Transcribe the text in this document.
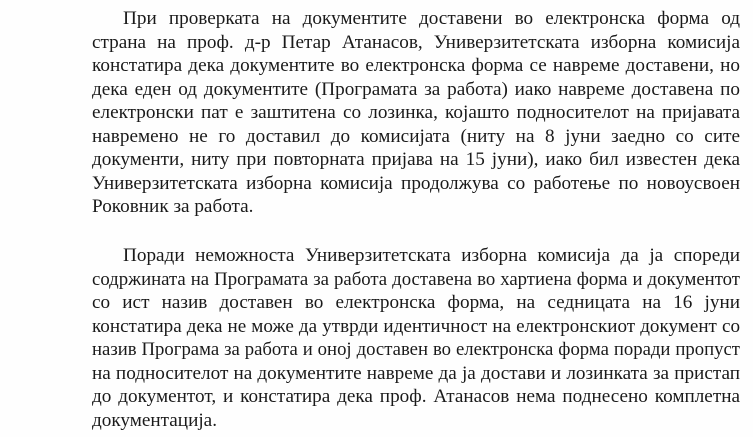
При проверката на документите доставени во електронска форма од
страна на проф. д-р Петар Атанасов, Универзитетската изборна комисија
констатира дека документите во електронска форма се навреме доставени, но
дека еден од документите (Програмата за работа) иако навреме доставена по
електронски пат е заштитена со лозинка, којашто подносителот на пријавата
навремено не го доставил до комисијата (ниту на 8 јуни заедно со сите
документи, ниту при повторната пријава на 15 јуни), иако бил известен дека
Универзитетската изборна комисија продолжува со работење по новоусвоен
Роковник за работа.

Поради неможноста Универзитетската изборна комисија да ја спореди
содржината на Програмата за работа доставена во хартиена форма и документот
со ист назив доставен во електронска форма, на седницата на 16 јуни
констатира дека не може да утврди идентичност на електронскиот документ со
назив Програма за работа и оној доставен во електронска форма поради пропуст
на подносителот на документите навреме да ја достави и лозинката за пристап
до документот, и констатира дека проф. Атанасов нема поднесено комплетна
документација.
